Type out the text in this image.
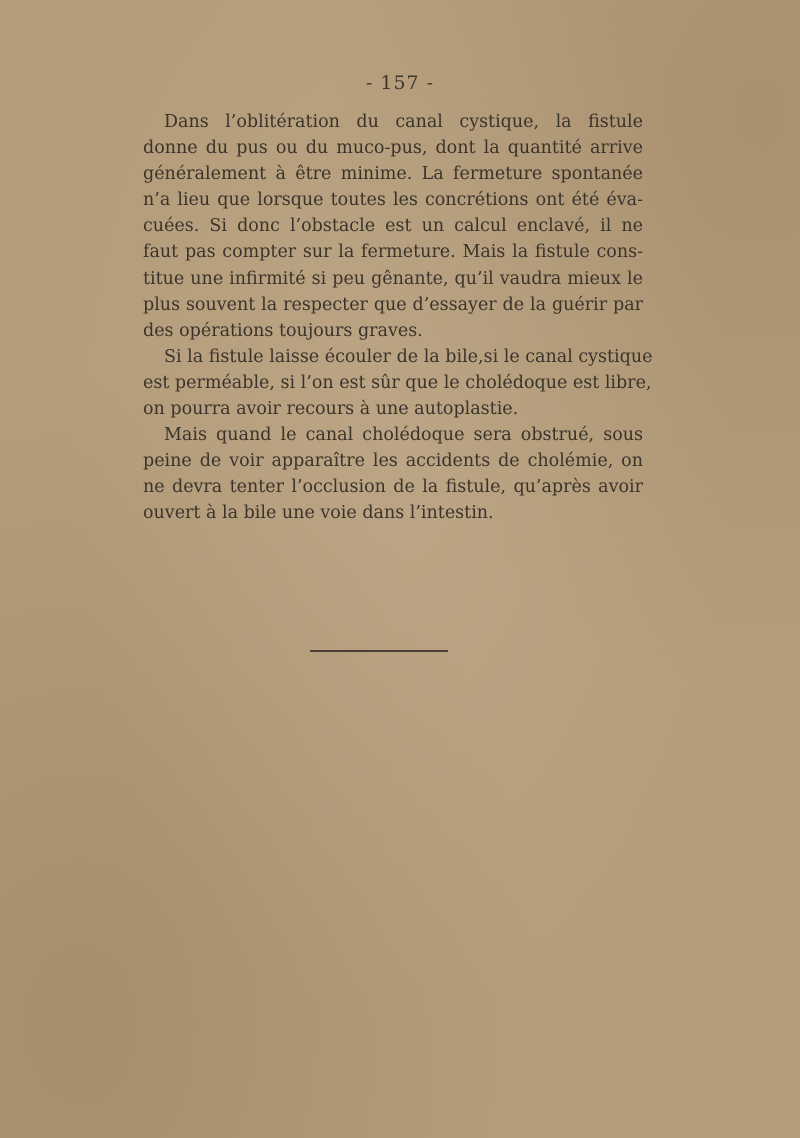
- 157 -
Dans l’oblitération du canal cystique, la fistule
donne du pus ou du muco-pus, dont la quantité arrive
généralement à être minime. La fermeture spontanée
n’a lieu que lorsque toutes les concrétions ont été éva-
cuées. Si donc l’obstacle est un calcul enclavé, il ne
faut pas compter sur la fermeture. Mais la fistule cons-
titue une infirmité si peu gênante, qu’il vaudra mieux le
plus souvent la respecter que d’essayer de la guérir par
des opérations toujours graves.
Si la fistule laisse écouler de la bile,si le canal cystique
est perméable, si l’on est sûr que le cholédoque est libre,
on pourra avoir recours à une autoplastie.
Mais quand le canal cholédoque sera obstrué, sous
peine de voir apparaître les accidents de cholémie, on
ne devra tenter l’occlusion de la fistule, qu’après avoir
ouvert à la bile une voie dans l’intestin.
